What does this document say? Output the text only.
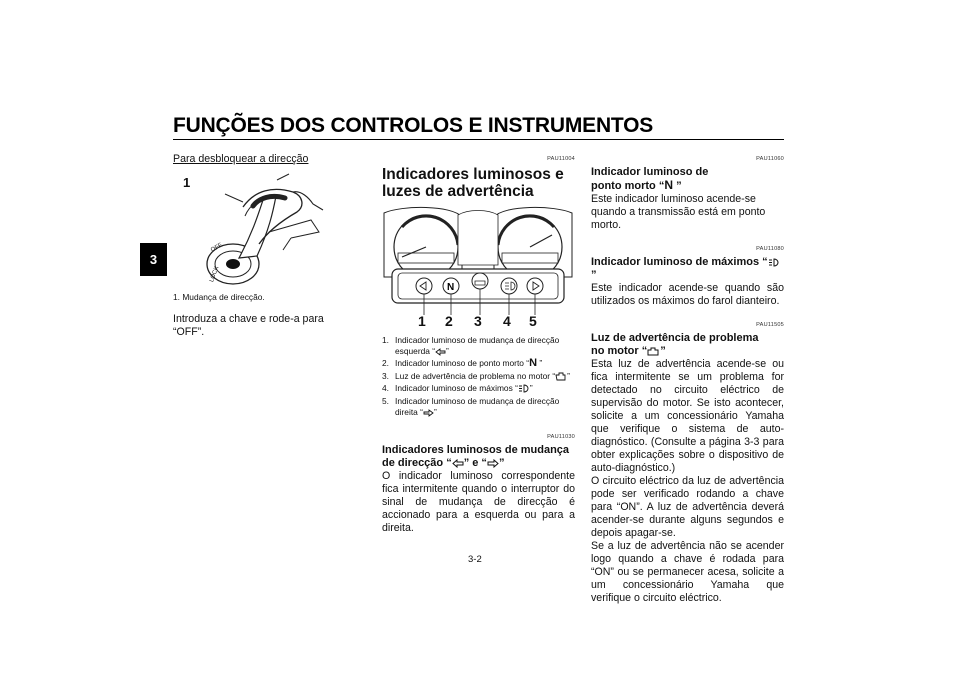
FUNÇÕES DOS CONTROLOS E INSTRUMENTOS
3
Para desbloquear a direcção
1
OFF
LOCK
1. Mudança de direcção.
Introduza a chave e rode-a para “OFF”.
PAU11004
Indicadores luminosos e luzes de advertência
N
1 2 3 4 5
1. Indicador luminoso de mudança de direcção esquerda “ ”
2. Indicador luminoso de ponto morto “N ”
3. Luz de advertência de problema no motor “ ”
4. Indicador luminoso de máximos “ ”
5. Indicador luminoso de mudança de direcção direita “ ”
PAU11030
Indicadores luminosos de mudança de direcção “ ” e “ ”
O indicador luminoso correspondente fica intermitente quando o interruptor do sinal de mudança de direcção é accionado para a esquerda ou para a direita.
PAU11060
Indicador luminoso de ponto morto “N ”
Este indicador luminoso acende-se quando a transmissão está em ponto morto.
PAU11080
Indicador luminoso de máximos “”
Este indicador acende-se quando são utilizados os máximos do farol dianteiro.
PAU11505
Luz de advertência de problema no motor “ ”
Esta luz de advertência acende-se ou fica intermitente se um problema for detectado no circuito eléctrico de supervisão do motor. Se isto acontecer, solicite a um concessionário Yamaha que verifique o sistema de auto-diagnóstico. (Consulte a página 3-3 para obter explicações sobre o dispositivo de auto-diagnóstico.)
O circuito eléctrico da luz de advertência pode ser verificado rodando a chave para “ON”. A luz de advertência deverá acender-se durante alguns segundos e depois apagar-se.
Se a luz de advertência não se acender logo quando a chave é rodada para “ON” ou se permanecer acesa, solicite a um concessionário Yamaha que verifique o circuito eléctrico.
3-2
